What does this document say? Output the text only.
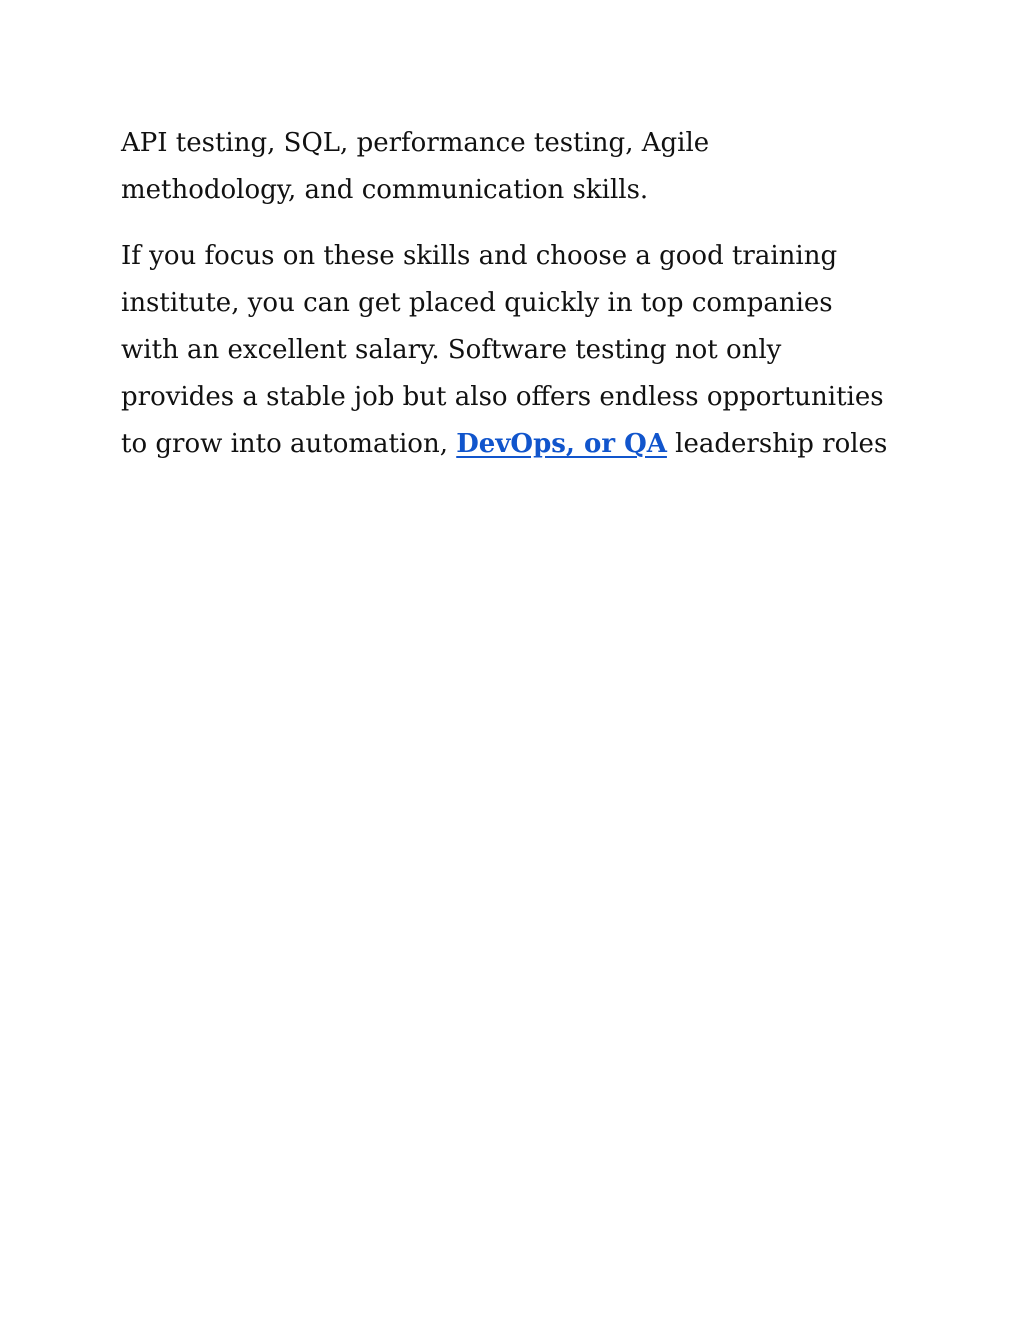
API testing, SQL, performance testing, Agile
methodology, and communication skills.

If you focus on these skills and choose a good training
institute, you can get placed quickly in top companies
with an excellent salary. Software testing not only
provides a stable job but also offers endless opportunities
to grow into automation, DevOps, or QA leadership roles
